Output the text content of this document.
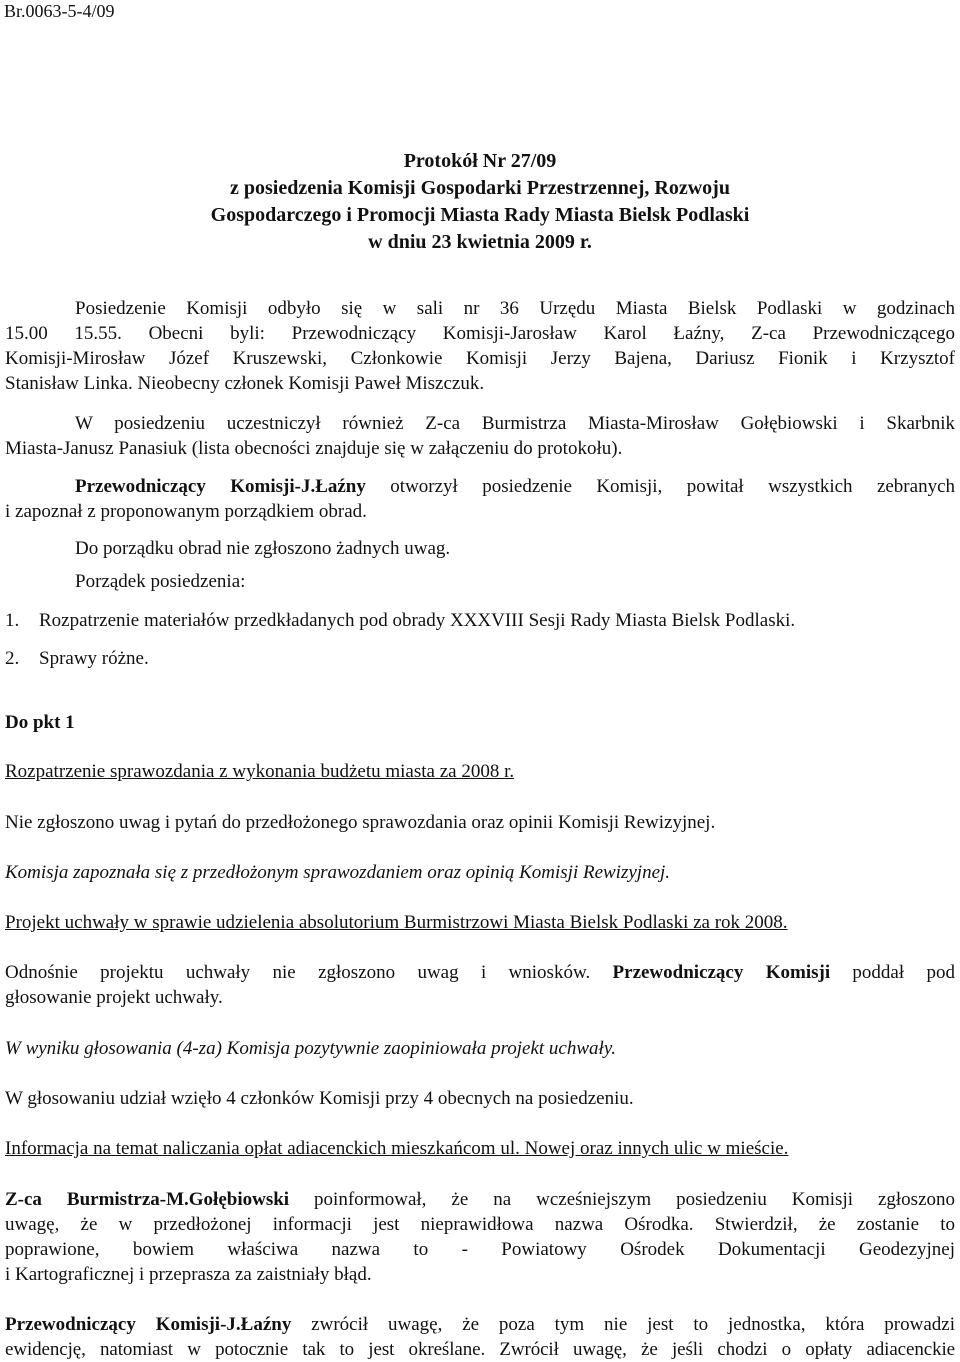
Br.0063-5-4/09
Protokół Nr 27/09
z posiedzenia Komisji Gospodarki Przestrzennej, Rozwoju
Gospodarczego i Promocji Miasta Rady Miasta Bielsk Podlaski
w dniu 23 kwietnia 2009 r.
Posiedzenie Komisji odbyło się w sali nr 36 Urzędu Miasta Bielsk Podlaski w godzinach
15.00 15.55. Obecni byli: Przewodniczący Komisji-Jarosław Karol Łaźny, Z-ca Przewodniczącego
Komisji-Mirosław Józef Kruszewski, Członkowie Komisji Jerzy Bajena, Dariusz Fionik i Krzysztof
Stanisław Linka. Nieobecny członek Komisji Paweł Miszczuk.
W posiedzeniu uczestniczył również Z-ca Burmistrza Miasta-Mirosław Gołębiowski i Skarbnik
Miasta-Janusz Panasiuk (lista obecności znajduje się w załączeniu do protokołu).
Przewodniczący Komisji-J.Łaźny otworzył posiedzenie Komisji, powitał wszystkich zebranych
i zapoznał z proponowanym porządkiem obrad.
Do porządku obrad nie zgłoszono żadnych uwag.
Porządek posiedzenia:
1. Rozpatrzenie materiałów przedkładanych pod obrady XXXVIII Sesji Rady Miasta Bielsk Podlaski.
2. Sprawy różne.
Do pkt 1
Rozpatrzenie sprawozdania z wykonania budżetu miasta za 2008 r.
Nie zgłoszono uwag i pytań do przedłożonego sprawozdania oraz opinii Komisji Rewizyjnej.
Komisja zapoznała się z przedłożonym sprawozdaniem oraz opinią Komisji Rewizyjnej.
Projekt uchwały w sprawie udzielenia absolutorium Burmistrzowi Miasta Bielsk Podlaski za rok 2008.
Odnośnie projektu uchwały nie zgłoszono uwag i wniosków. Przewodniczący Komisji poddał pod
głosowanie projekt uchwały.
W wyniku głosowania (4-za) Komisja pozytywnie zaopiniowała projekt uchwały.
W głosowaniu udział wzięło 4 członków Komisji przy 4 obecnych na posiedzeniu.
Informacja na temat naliczania opłat adiacenckich mieszkańcom ul. Nowej oraz innych ulic w mieście.
Z-ca Burmistrza-M.Gołębiowski poinformował, że na wcześniejszym posiedzeniu Komisji zgłoszono
uwagę, że w przedłożonej informacji jest nieprawidłowa nazwa Ośrodka. Stwierdził, że zostanie to
poprawione, bowiem właściwa nazwa to - Powiatowy Ośrodek Dokumentacji Geodezyjnej
i Kartograficznej i przeprasza za zaistniały błąd.
Przewodniczący Komisji-J.Łaźny zwrócił uwagę, że poza tym nie jest to jednostka, która prowadzi
ewidencję, natomiast w potocznie tak to jest określane. Zwrócił uwagę, że jeśli chodzi o opłaty adiacenckie
